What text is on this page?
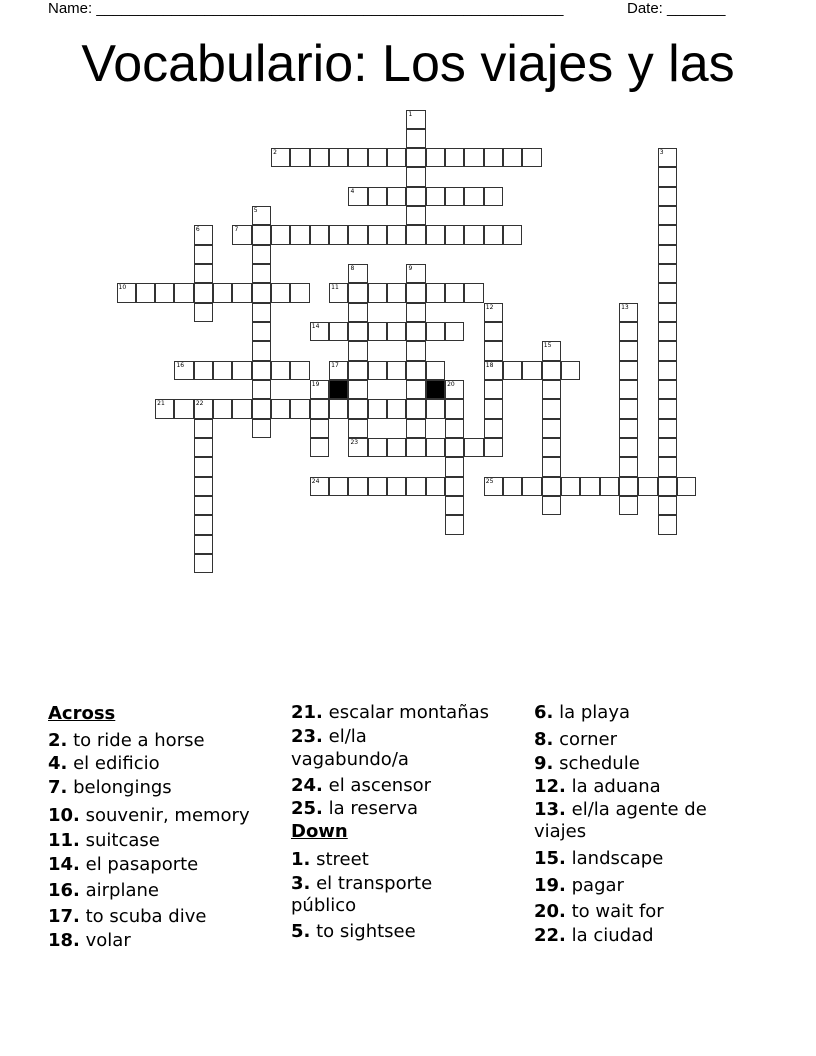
Name: ________________________________________________________	Date: _______
Vocabulario: Los viajes y las
1
2	3
4
5
6	7
8	9
10	11
12
18
13
14
15
16	17
19	20
21	22
23
24	25
Across
Down
2. to ride a horse
4. el edificio
7. belongings
10. souvenir, memory
11. suitcase
14. el pasaporte
16. airplane
17. to scuba dive
18. volar
21. escalar montañas
23. el/la
vagabundo/a
24. el ascensor
25. la reserva
1. street
3. el transporte
público
5. to sightsee
6. la playa
8. corner
9. schedule
12. la aduana
13. el/la agente de
viajes
15. landscape
19. pagar
20. to wait for
22. la ciudad
